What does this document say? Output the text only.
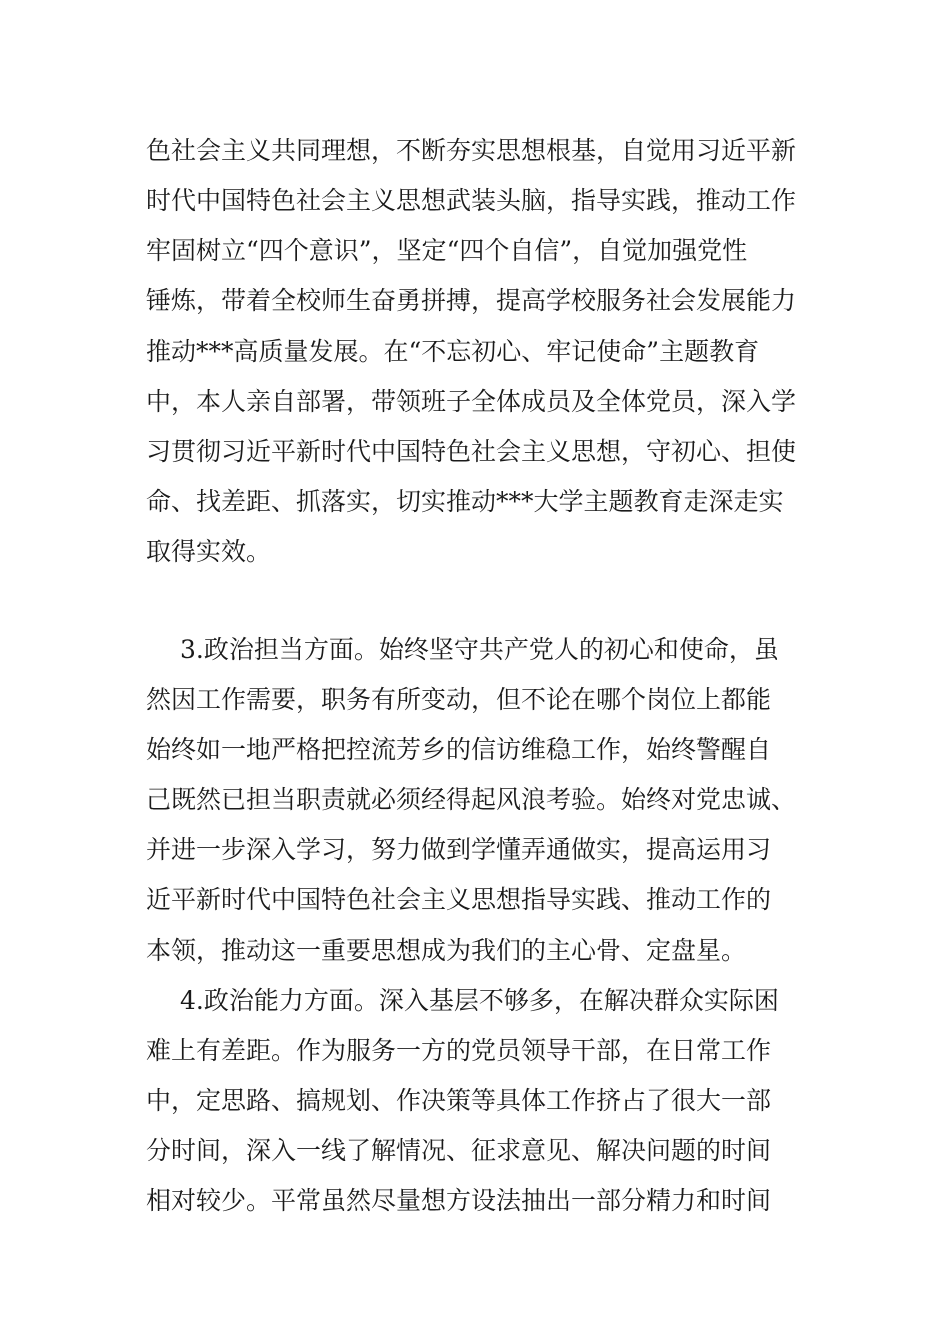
色社会主义共同理想，不断夯实思想根基，自觉用习近平新

时代中国特色社会主义思想武装头脑，指导实践，推动工作

牢固树立“四个意识”，坚定“四个自信”，自觉加强党性

锤炼，带着全校师生奋勇拼搏，提高学校服务社会发展能力

推动***高质量发展。在“不忘初心、牢记使命”主题教育

中，本人亲自部署，带领班子全体成员及全体党员，深入学

习贯彻习近平新时代中国特色社会主义思想，守初心、担使

命、找差距、抓落实，切实推动***大学主题教育走深走实

取得实效。

3.政治担当方面。始终坚守共产党人的初心和使命，虽

然因工作需要，职务有所变动，但不论在哪个岗位上都能

始终如一地严格把控流芳乡的信访维稳工作，始终警醒自

己既然已担当职责就必须经得起风浪考验。始终对党忠诚、

并进一步深入学习，努力做到学懂弄通做实，提高运用习

近平新时代中国特色社会主义思想指导实践、推动工作的

本领，推动这一重要思想成为我们的主心骨、定盘星。

4.政治能力方面。深入基层不够多，在解决群众实际困

难上有差距。作为服务一方的党员领导干部，在日常工作

中，定思路、搞规划、作决策等具体工作挤占了很大一部

分时间，深入一线了解情况、征求意见、解决问题的时间

相对较少。平常虽然尽量想方设法抽出一部分精力和时间
